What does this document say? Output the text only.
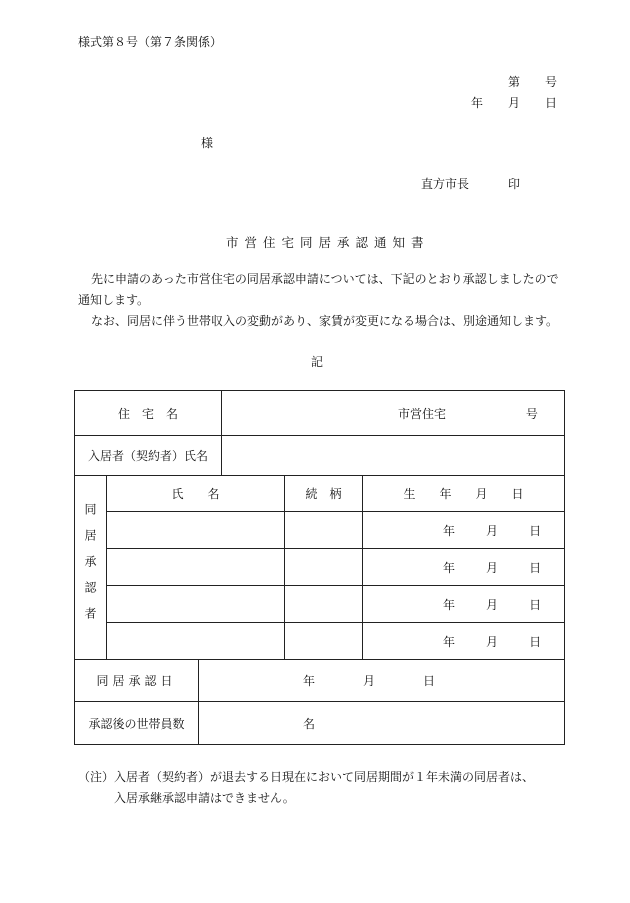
様式第８号（第７条関係）
第 号
年 月 日
様
直方市長	印
市営住宅同居承認通知書
先に申請のあった市営住宅の同居承認申請については、下記のとおり承認しましたので
通知します。
なお、同居に伴う世帯収入の変動があり、家賃が変更になる場合は、別途通知します。
記
住　宅　名			市営住宅 号		
入居者（契約者）氏名					

同居承認者	氏　　名			続　柄	生　　年　　月　　日
					年 月 日
					年 月 日
					年 月 日
					年 月 日
同居承認日		年 月 日			
承認後の世帯員数		名			
（注）入居者（契約者）が退去する日現在において同居期間が１年未満の同居者は、
入居承継承認申請はできません。
